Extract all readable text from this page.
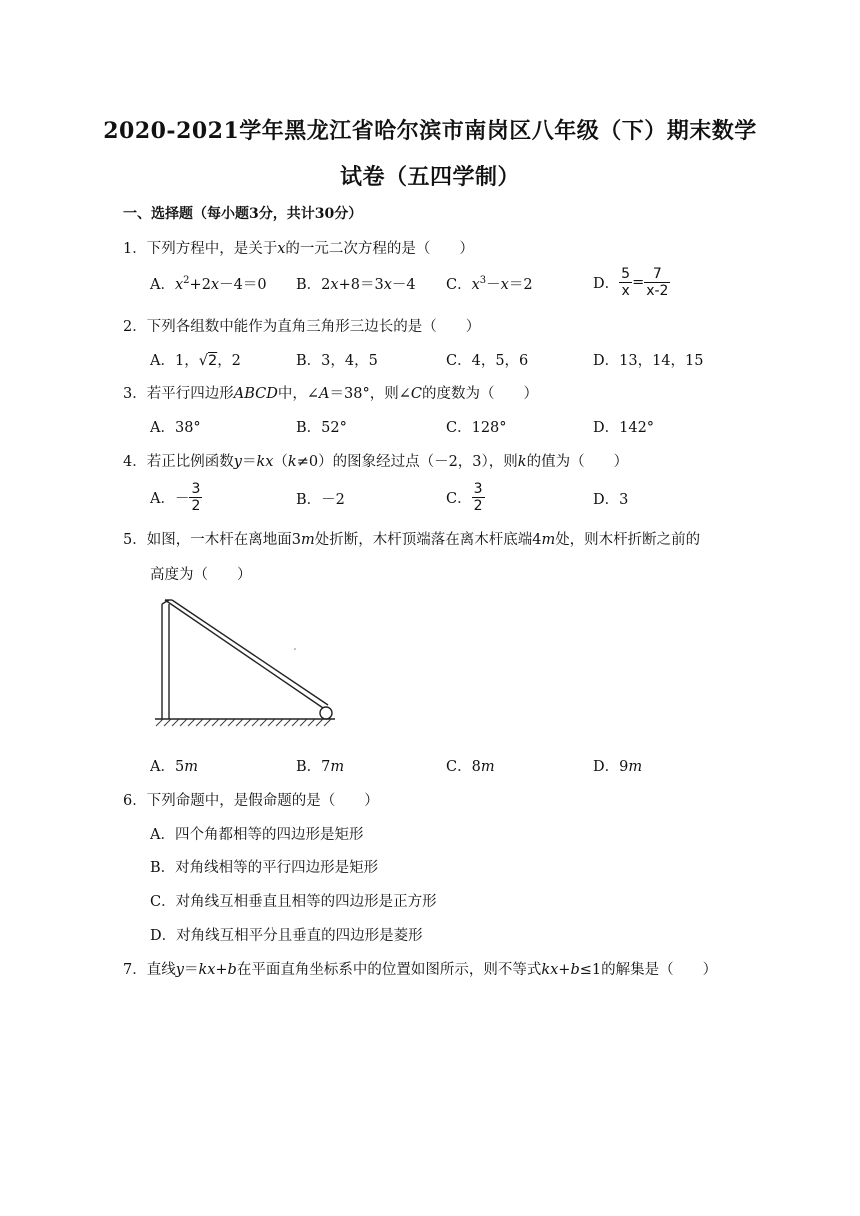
2020-2021学年黑龙江省哈尔滨市南岗区八年级（下）期末数学
试卷（五四学制）
一、选择题（每小题3分，共计30分）
1．下列方程中，是关于x的一元二次方程的是（　　）
A．$x^2+2x-4=0$ B．2x+8＝3x－4 C．$x^3-x=2$	D． $\frac{5}{x} = \frac{7}{x-2}$
2．下列各组数中能作为直角三角形三边长的是（　　）
A．1，√2，2	B．3，4，5	C．4，5，6	D．13，14，15
3．若平行四边形ABCD中，∠A＝38°，则∠C的度数为（　　）
A．38°	B．52°	C．128°	D．142°
4．若正比例函数y＝kx（k≠0）的图象经过点（－2，3），则k的值为（　　）
A．－ $\frac{3}{2}$	B．－2	C． $\frac{3}{2}$	D．3
5．如图，一木杆在离地面3m处折断，木杆顶端落在离木杆底端4m处，则木杆折断之前的
高度为（　　）
A．5m	B．7m	C．8m	D．9m
6．下列命题中，是假命题的是（　　）
A．四个角都相等的四边形是矩形
B．对角线相等的平行四边形是矩形
C．对角线互相垂直且相等的四边形是正方形
D．对角线互相平分且垂直的四边形是菱形
7．直线y＝kx+b在平面直角坐标系中的位置如图所示，则不等式kx+b≤1的解集是（　　）
